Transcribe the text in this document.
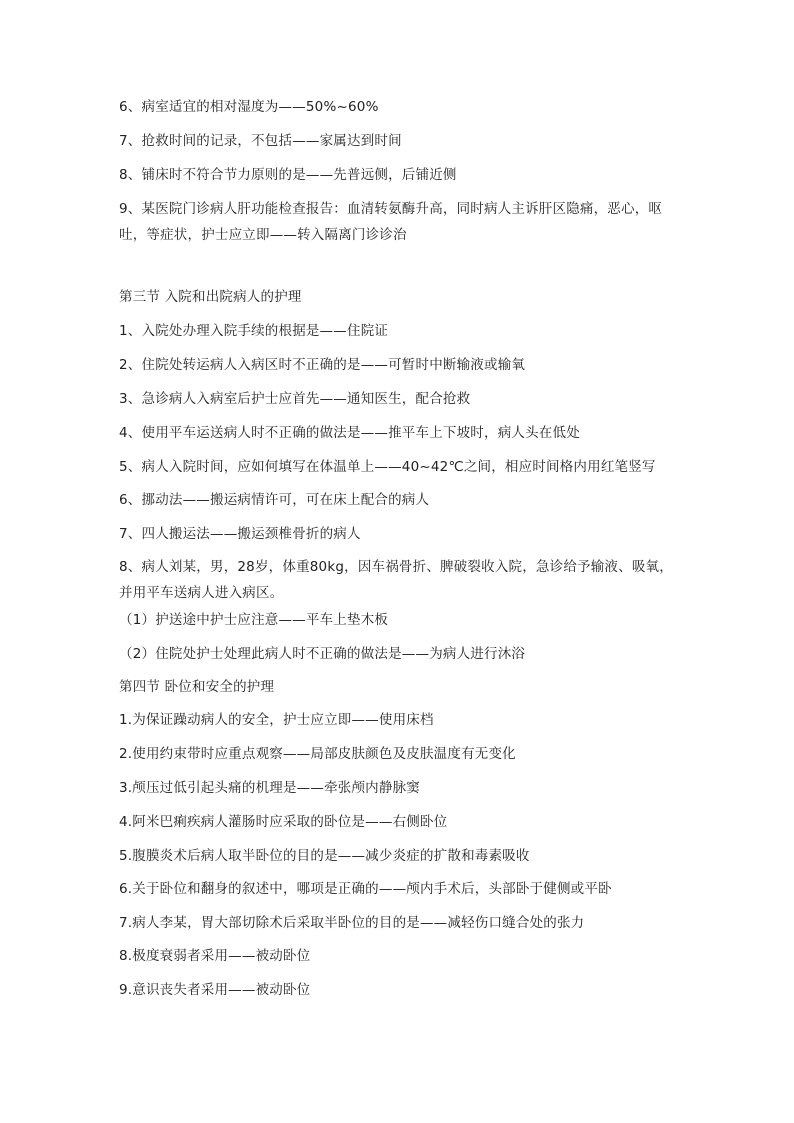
6、病室适宜的相对湿度为——50%~60%
7、抢救时间的记录，不包括——家属达到时间
8、铺床时不符合节力原则的是——先普远侧，后铺近侧
9、某医院门诊病人肝功能检查报告：血清转氨酶升高，同时病人主诉肝区隐痛，恶心，呕吐，等症状，护士应立即——转入隔离门诊诊治
第三节 入院和出院病人的护理
1、入院处办理入院手续的根据是——住院证
2、住院处转运病人入病区时不正确的是——可暂时中断输液或输氧
3、急诊病人入病室后护士应首先——通知医生，配合抢救
4、使用平车运送病人时不正确的做法是——推平车上下坡时，病人头在低处
5、病人入院时间，应如何填写在体温单上——40~42℃之间，相应时间格内用红笔竖写
6、挪动法——搬运病情许可，可在床上配合的病人
7、四人搬运法——搬运颈椎骨折的病人
8、病人刘某，男，28岁，体重80kg，因车祸骨折、脾破裂收入院，急诊给予输液、吸氧，并用平车送病人进入病区。
（1）护送途中护士应注意——平车上垫木板
（2）住院处护士处理此病人时不正确的做法是——为病人进行沐浴
第四节 卧位和安全的护理
1.为保证躁动病人的安全，护士应立即——使用床档
2.使用约束带时应重点观察——局部皮肤颜色及皮肤温度有无变化
3.颅压过低引起头痛的机理是——牵张颅内静脉窦
4.阿米巴痢疾病人灌肠时应采取的卧位是——右侧卧位
5.腹膜炎术后病人取半卧位的目的是——减少炎症的扩散和毒素吸收
6.关于卧位和翻身的叙述中，哪项是正确的——颅内手术后，头部卧于健侧或平卧
7.病人李某，胃大部切除术后采取半卧位的目的是——减轻伤口缝合处的张力
8.极度衰弱者采用——被动卧位
9.意识丧失者采用——被动卧位
